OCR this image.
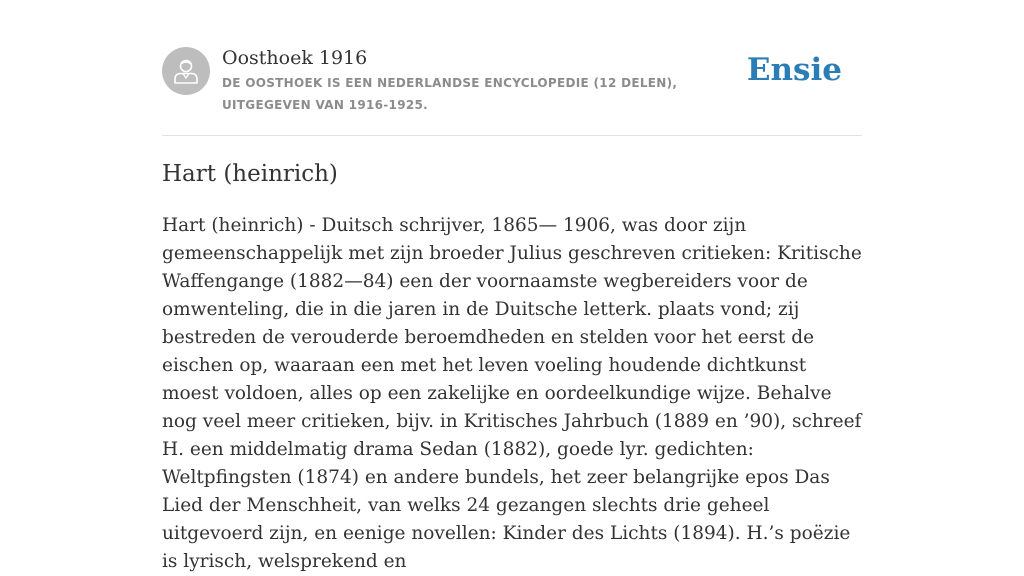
Oosthoek 1916
DE OOSTHOEK IS EEN NEDERLANDSE ENCYCLOPEDIE (12 DELEN), UITGEGEVEN VAN 1916-1925.
Ensie
Hart (heinrich)

Hart (heinrich) - Duitsch schrijver, 1865— 1906, was door zijn gemeenschappelijk met zijn broeder Julius geschreven critieken: Kritische Waffengange (1882—84) een der voornaamste wegbereiders voor de omwenteling, die in die jaren in de Duitsche letterk. plaats vond; zij bestreden de verouderde beroemdheden en stelden voor het eerst de eischen op, waaraan een met het leven voeling houdende dichtkunst moest voldoen, alles op een zakelijke en oordeelkundige wijze. Behalve nog veel meer critieken, bijv. in Kritisches Jahrbuch (1889 en ’90), schreef H. een middelmatig drama Sedan (1882), goede lyr. gedichten: Weltpfingsten (1874) en andere bundels, het zeer belangrijke epos Das Lied der Menschheit, van welks 24 gezangen slechts drie geheel uitgevoerd zijn, en eenige novellen: Kinder des Lichts (1894). H.’s poëzie is lyrisch, welsprekend en
